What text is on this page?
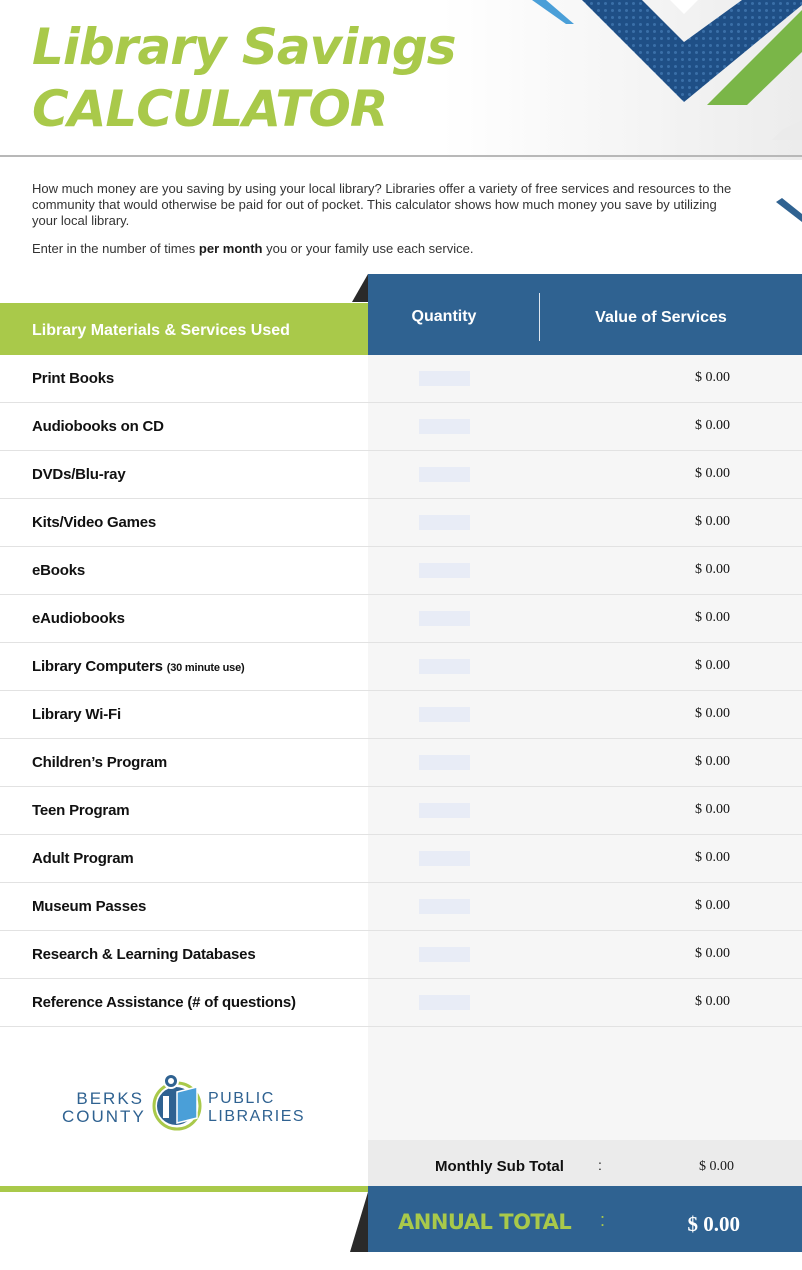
Library Savings
CALCULATOR

How much money are you saving by using your local library? Libraries offer a variety of free services and resources to the community that would otherwise be paid for out of pocket. This calculator shows how much money you save by utilizing your local library.

Enter in the number of times per month you or your family use each service.

Library Materials & Services Used
Quantity	Value of Services
Print Books	$ 0.00
Audiobooks on CD	$ 0.00
DVDs/Blu-ray	$ 0.00
Kits/Video Games	$ 0.00
eBooks	$ 0.00
eAudiobooks	$ 0.00
Library Computers (30 minute use)	$ 0.00
Library Wi-Fi	$ 0.00
Children’s Program	$ 0.00
Teen Program	$ 0.00
Adult Program	$ 0.00
Museum Passes	$ 0.00
Research & Learning Databases	$ 0.00
Reference Assistance (# of questions)	$ 0.00
BERKS
COUNTY
PUBLIC
LIBRARIES
Monthly Sub Total :	$ 0.00
ANNUAL TOTAL :	$ 0.00
